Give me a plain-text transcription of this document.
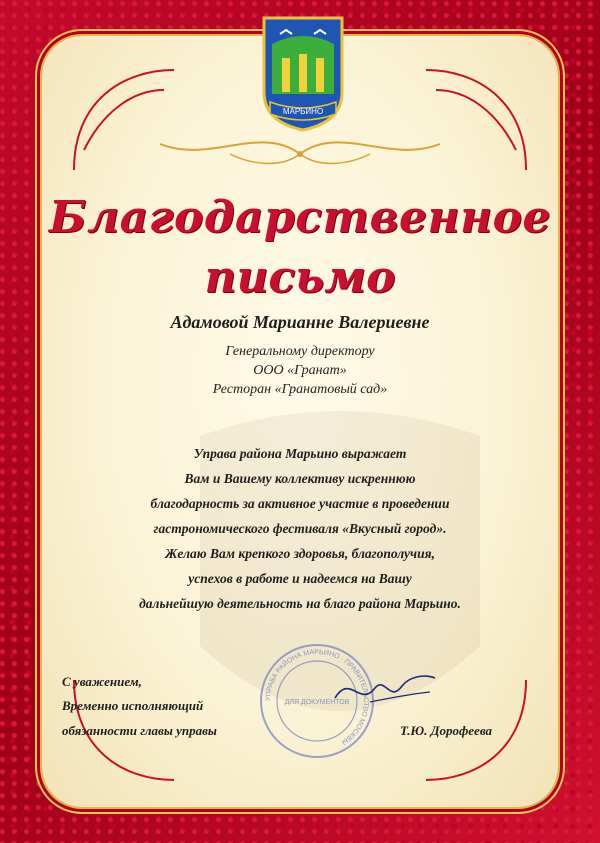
МАРЬИНО
Благодарственное
письмо
Адамовой Марианне Валериевне
Генеральному директору
ООО «Гранат»
Ресторан «Гранатовый сад»
Управа района Марьино выражает
Вам и Вашему коллективу искреннюю
благодарность за активное участие в проведении
гастрономического фестиваля «Вкусный город».
Желаю Вам крепкого здоровья, благополучия,
успехов в работе и надеемся на Вашу
дальнейшую деятельность на благо района Марьино.
С уважением,
Временно исполняющий
обязанности главы управы
УПРАВА РАЙОНА МАРЬИНО · ПРАВИТЕЛЬСТВО МОСКВЫ
ДЛЯ ДОКУМЕНТОВ
Т.Ю. Дорофеева
